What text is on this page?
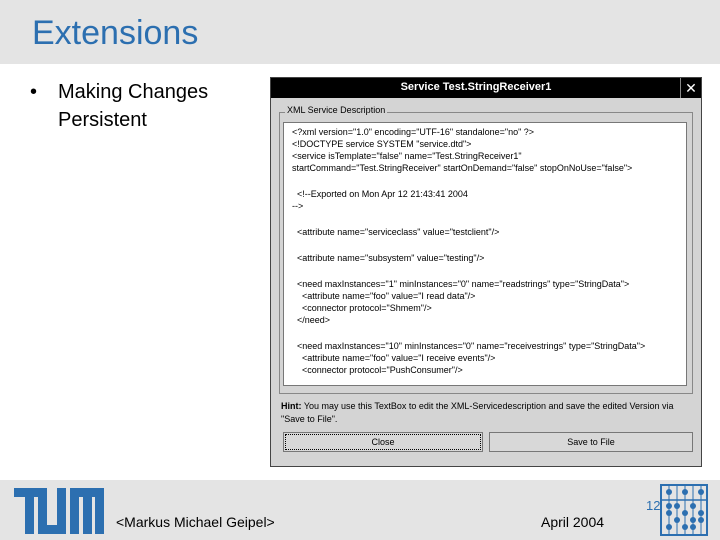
Extensions
•	Making Changes
Persistent
Service Test.StringReceiver1	✕
XML Service Description
<?xml version="1.0" encoding="UTF-16" standalone="no" ?>
<!DOCTYPE service SYSTEM "service.dtd">
<service isTemplate="false" name="Test.StringReceiver1"
startCommand="Test.StringReceiver" startOnDemand="false" stopOnNoUse="false">
<!--Exported on Mon Apr 12 21:43:41 2004
-->
<attribute name="serviceclass" value="testclient"/>
<attribute name="subsystem" value="testing"/>
<need maxInstances="1" minInstances="0" name="readstrings" type="StringData">
<attribute name="foo" value="I read data"/>
<connector protocol="Shmem"/>
</need>
<need maxInstances="10" minInstances="0" name="receivestrings" type="StringData">
<attribute name="foo" value="I receive events"/>
<connector protocol="PushConsumer"/>
Hint: You may use this TextBox to edit the XML-Servicedescription and save the edited Version via "Save to File".
Close	Save to File
<Markus Michael Geipel>	April 2004
12
